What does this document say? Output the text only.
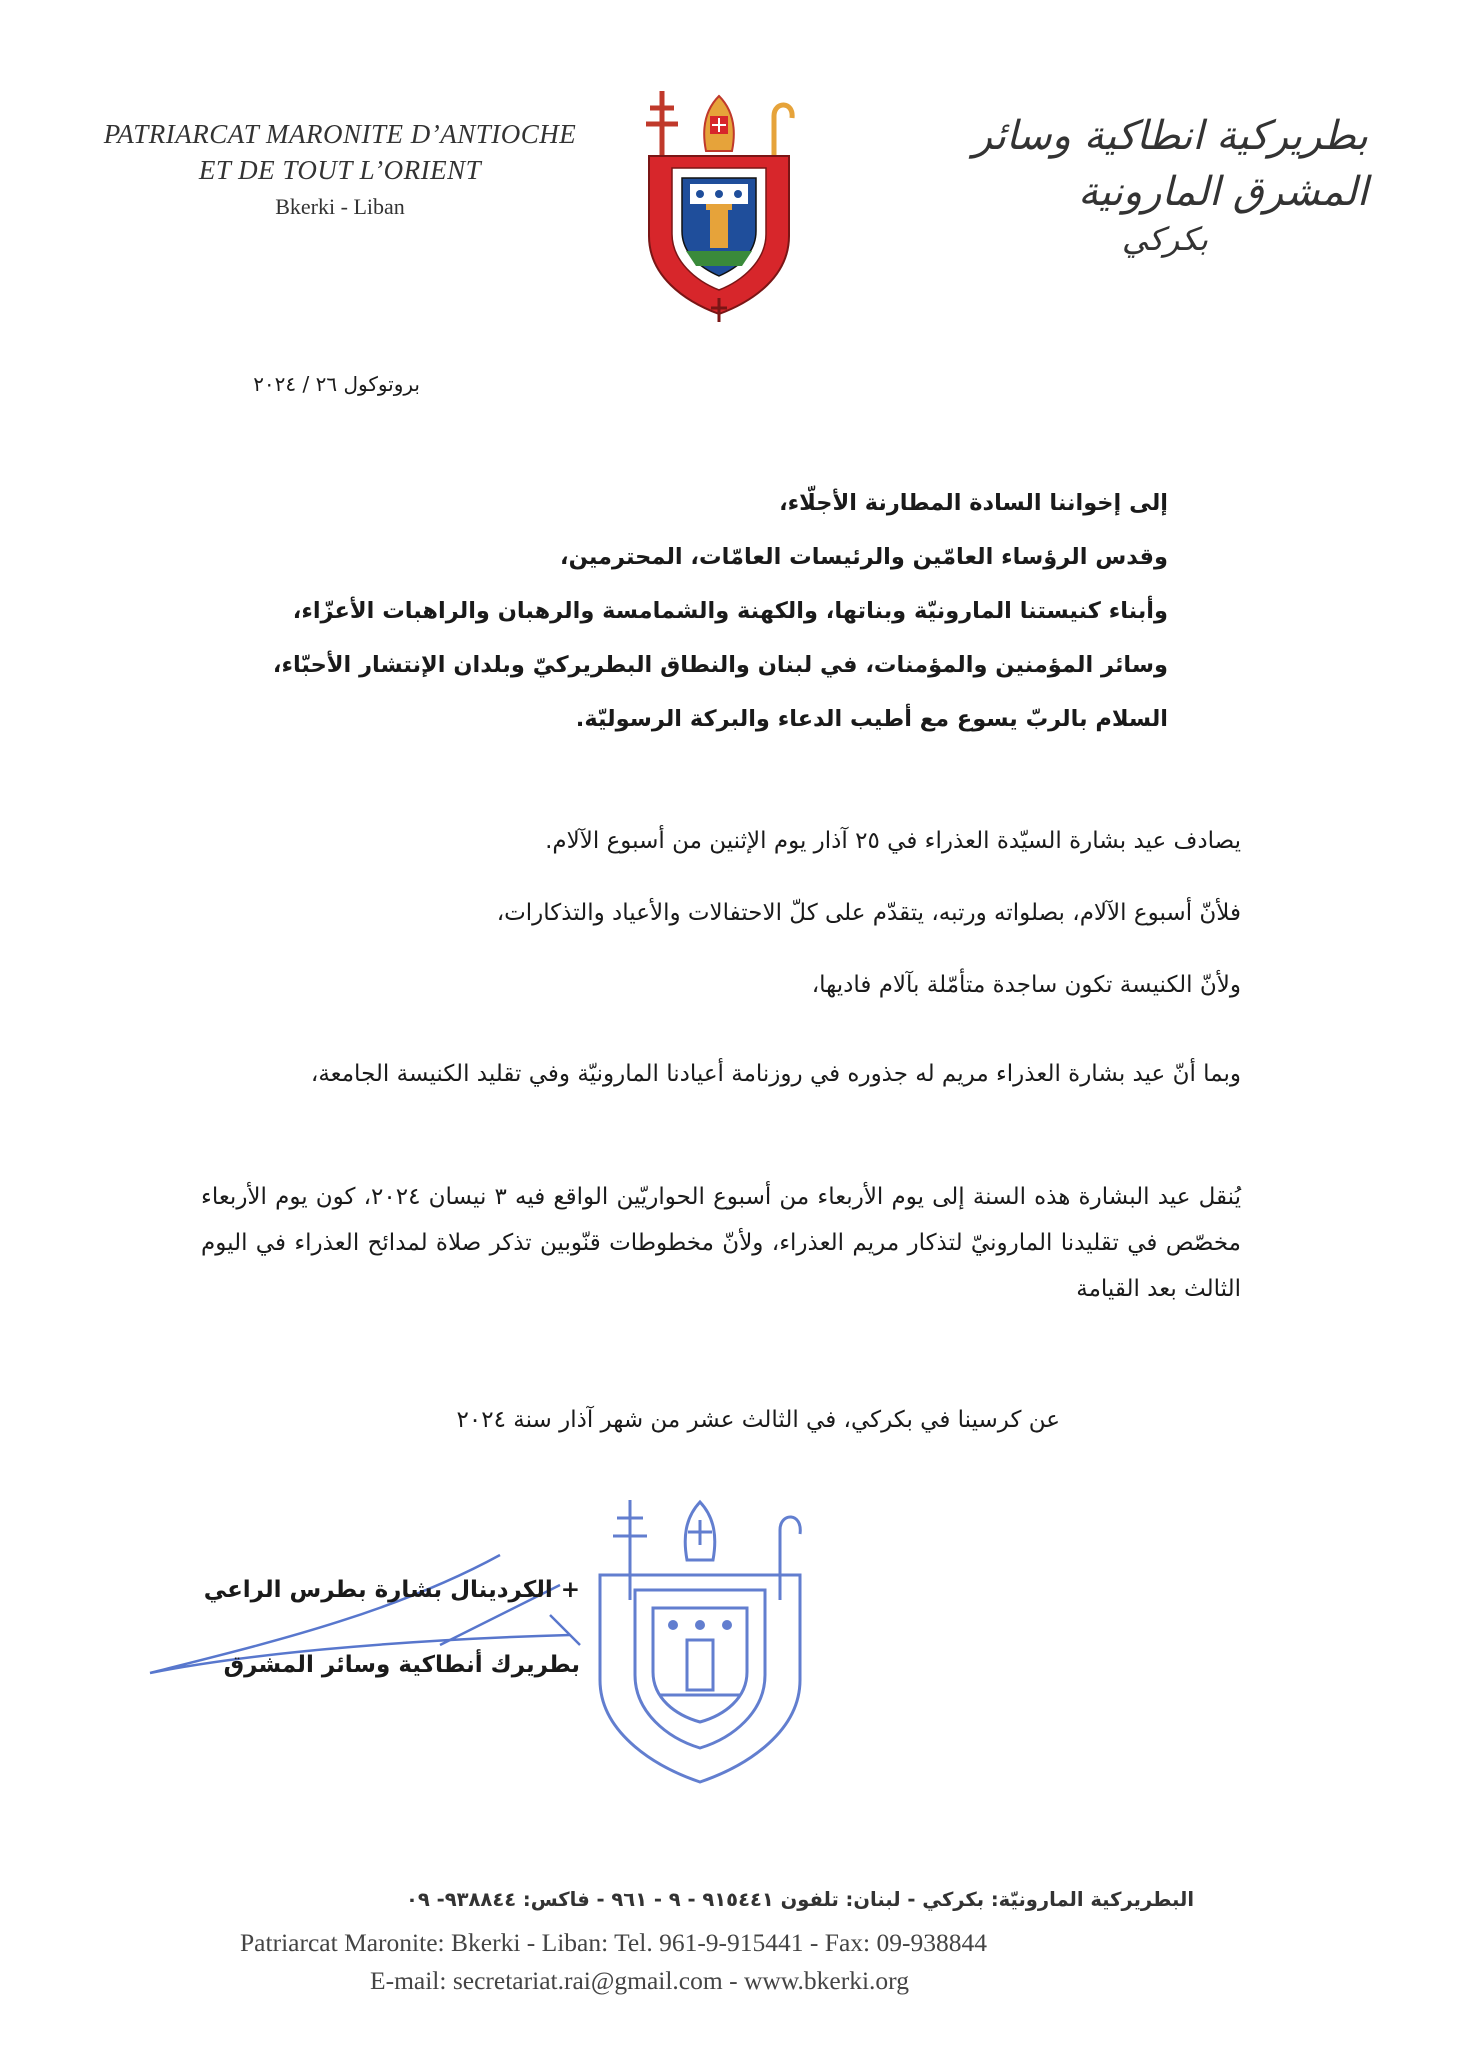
PATRIARCAT MARONITE D’ANTIOCHE
ET DE TOUT L’ORIENT
Bkerki - Liban	GLORIA LIBANI DATA EST
بطريركية انطاكية وسائر المشرق المارونية
بكركي
بروتوكول ٢٦ / ٢٠٢٤
إلى إخواننا السادة المطارنة الأجلّاء،
وقدس الرؤساء العامّين والرئيسات العامّات، المحترمين،
وأبناء كنيستنا المارونيّة وبناتها، والكهنة والشمامسة والرهبان والراهبات الأعزّاء،
وسائر المؤمنين والمؤمنات، في لبنان والنطاق البطريركيّ وبلدان الإنتشار الأحبّاء،
السلام بالربّ يسوع مع أطيب الدعاء والبركة الرسوليّة.
يصادف عيد بشارة السيّدة العذراء في ٢٥ آذار يوم الإثنين من أسبوع الآلام.
فلأنّ أسبوع الآلام، بصلواته ورتبه، يتقدّم على كلّ الاحتفالات والأعياد والتذكارات،
ولأنّ الكنيسة تكون ساجدة متأمّلة بآلام فاديها،
وبما أنّ عيد بشارة العذراء مريم له جذوره في روزنامة أعيادنا المارونيّة وفي تقليد الكنيسة الجامعة،
يُنقل عيد البشارة هذه السنة إلى يوم الأربعاء من أسبوع الحواريّين الواقع فيه ٣ نيسان ٢٠٢٤، كون يوم الأربعاء مخصّص في تقليدنا المارونيّ لتذكار مريم العذراء، ولأنّ مخطوطات قنّوبين تذكر صلاة لمدائح العذراء في اليوم الثالث بعد القيامة
عن كرسينا في بكركي، في الثالث عشر من شهر آذار سنة ٢٠٢٤
+ الكردينال بشارة بطرس الراعي
بطريرك أنطاكية وسائر المشرق
البطريركية المارونيّة: بكركي - لبنان: تلفون ٩١٥٤٤١ - ٩ - ٩٦١ - فاكس: ٩٣٨٨٤٤- ٠٩
Patriarcat Maronite: Bkerki - Liban: Tel. 961-9-915441 - Fax: 09-938844
E-mail: secretariat.rai@gmail.com - www.bkerki.org
